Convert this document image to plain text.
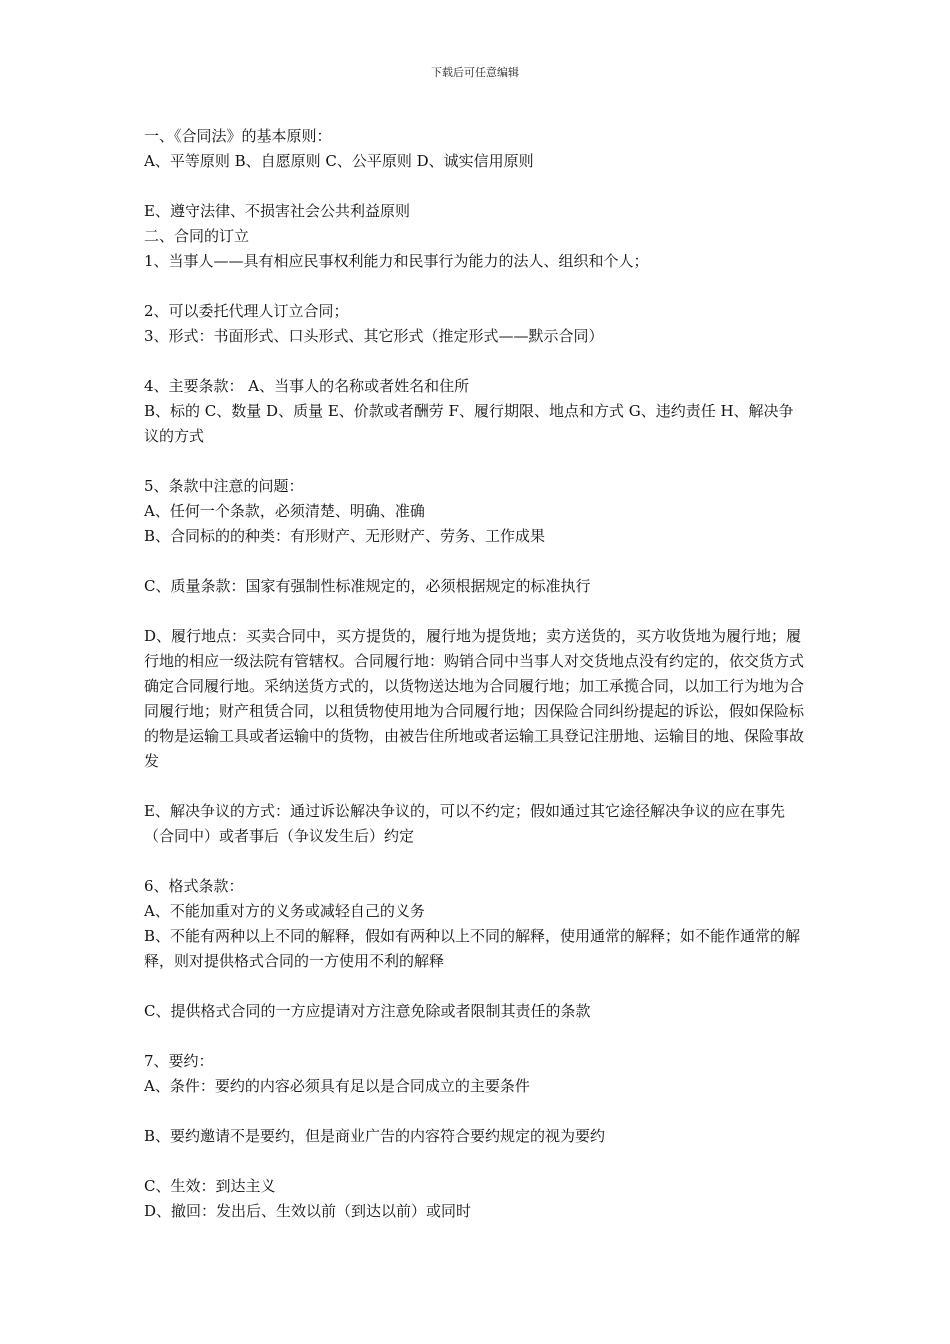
下载后可任意编辑

一、《合同法》的基本原则：

A、平等原则 B、自愿原则 C、公平原则 D、诚实信用原则

E、遵守法律、不损害社会公共利益原则

二、合同的订立

1、当事人——具有相应民事权利能力和民事行为能力的法人、组织和个人；

2、可以委托代理人订立合同；

3、形式：书面形式、口头形式、其它形式（推定形式——默示合同）

4、主要条款： A、当事人的名称或者姓名和住所

B、标的 C、数量 D、质量 E、价款或者酬劳 F、履行期限、地点和方式 G、违约责任 H、解决争议的方式

5、条款中注意的问题：

A、任何一个条款，必须清楚、明确、准确

B、合同标的的种类：有形财产、无形财产、劳务、工作成果

C、质量条款：国家有强制性标准规定的，必须根据规定的标准执行

D、履行地点：买卖合同中，买方提货的，履行地为提货地；卖方送货的，买方收货地为履行地；履行地的相应一级法院有管辖权。合同履行地：购销合同中当事人对交货地点没有约定的，依交货方式确定合同履行地。采纳送货方式的，以货物送达地为合同履行地；加工承揽合同，以加工行为地为合同履行地；财产租赁合同，以租赁物使用地为合同履行地；因保险合同纠纷提起的诉讼，假如保险标的物是运输工具或者运输中的货物，由被告住所地或者运输工具登记注册地、运输目的地、保险事故发

E、解决争议的方式：通过诉讼解决争议的，可以不约定；假如通过其它途径解决争议的应在事先（合同中）或者事后（争议发生后）约定

6、格式条款：

A、不能加重对方的义务或减轻自己的义务

B、不能有两种以上不同的解释，假如有两种以上不同的解释，使用通常的解释；如不能作通常的解释，则对提供格式合同的一方使用不利的解释

C、提供格式合同的一方应提请对方注意免除或者限制其责任的条款

7、要约：

A、条件：要约的内容必须具有足以是合同成立的主要条件

B、要约邀请不是要约，但是商业广告的内容符合要约规定的视为要约

C、生效：到达主义

D、撤回：发出后、生效以前（到达以前）或同时
